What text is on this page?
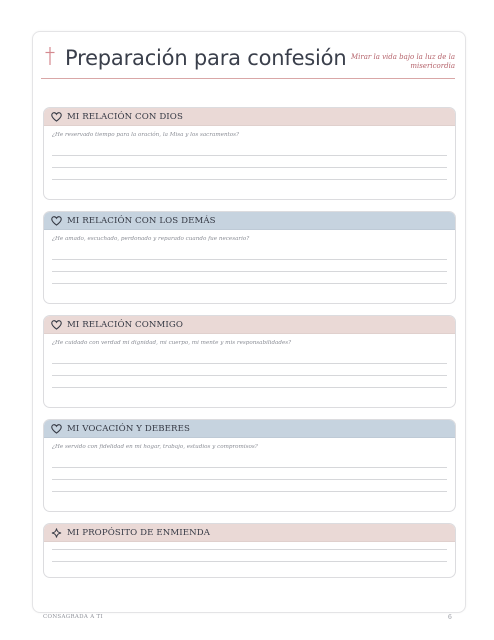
Preparación para confesión Mirar la vida bajo la luz de la misericordia
MI RELACIÓN CON DIOS
¿He reservado tiempo para la oración, la Misa y los sacramentos?
MI RELACIÓN CON LOS DEMÁS
¿He amado, escuchado, perdonado y reparado cuando fue necesario?
MI RELACIÓN CONMIGO
¿He cuidado con verdad mi dignidad, mi cuerpo, mi mente y mis responsabilidades?
MI VOCACIÓN Y DEBERES
¿He servido con fidelidad en mi hogar, trabajo, estudios y compromisos?
MI PROPÓSITO DE ENMIENDA
CONSAGRADA A TI	6
